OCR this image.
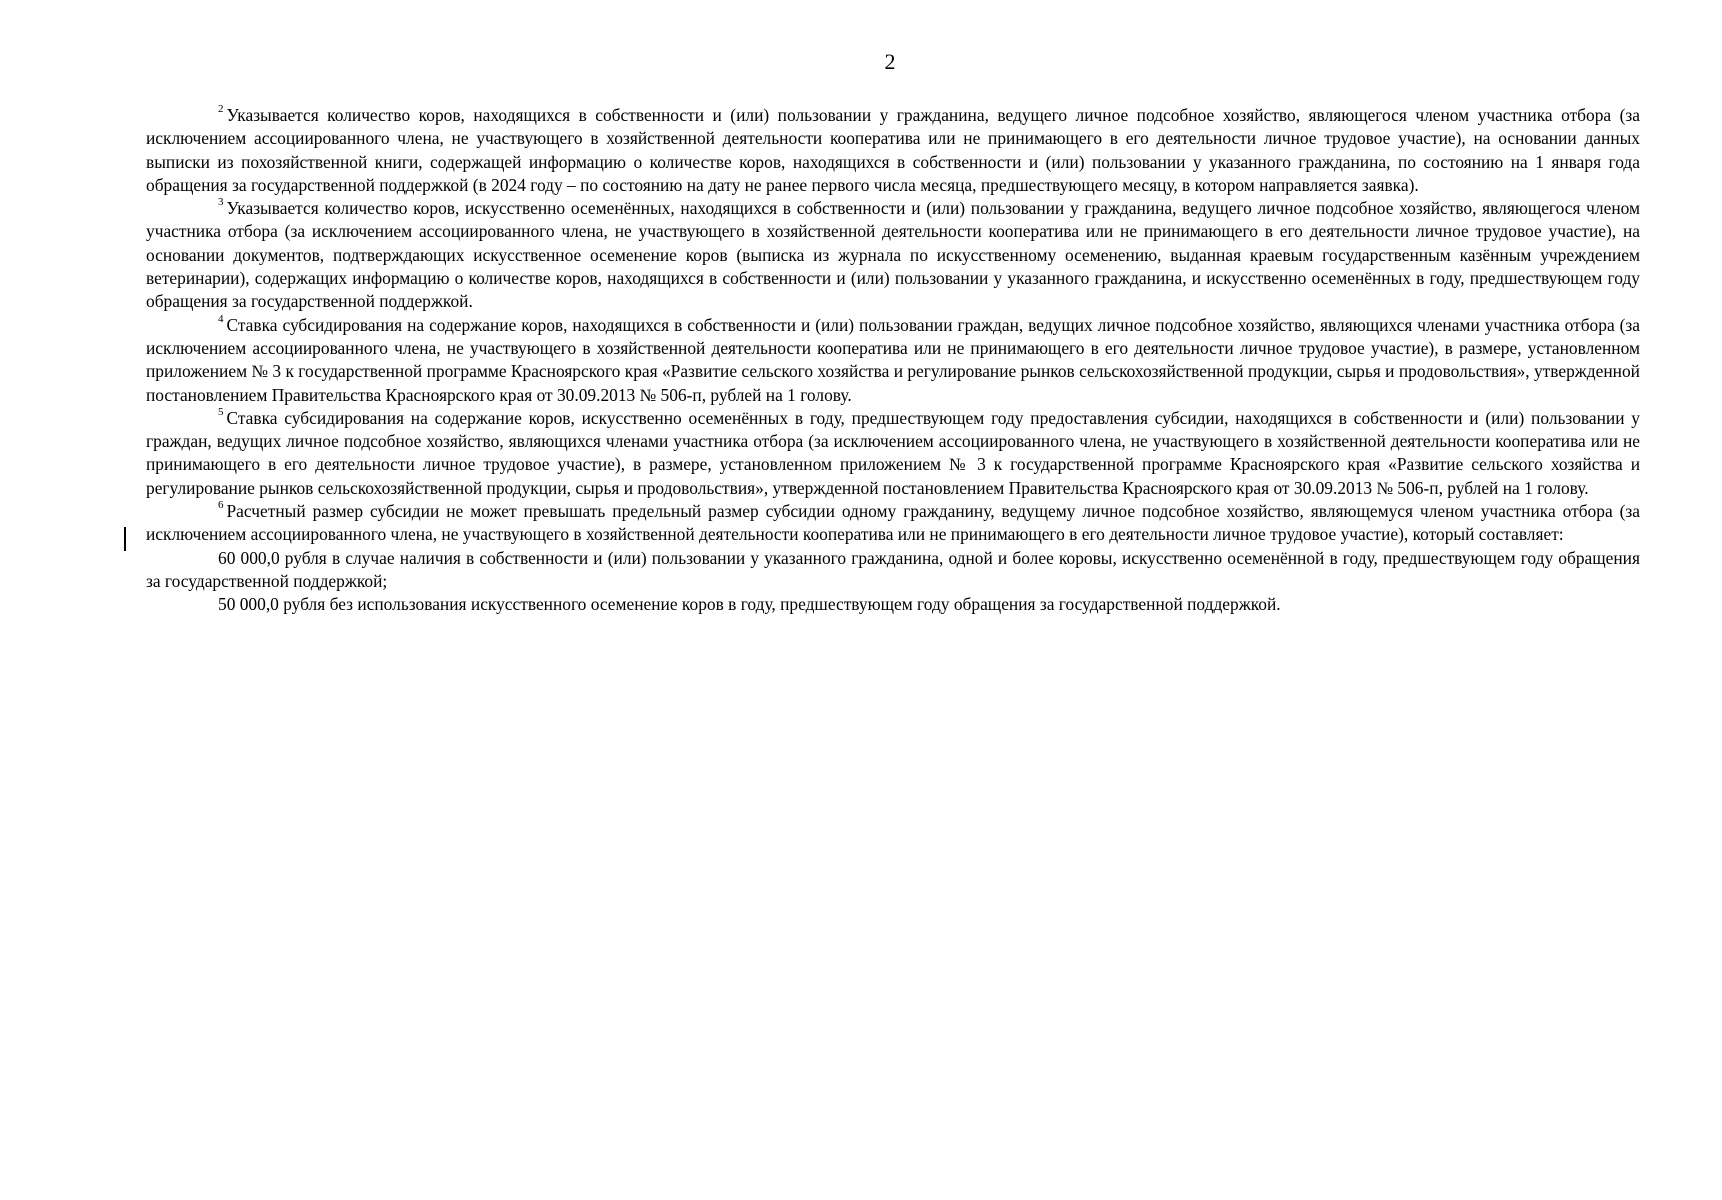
2

$^2$ Указывается количество коров, находящихся в собственности и (или) пользовании у гражданина, ведущего личное подсобное хозяйство, являющегося членом участника отбора (за исключением ассоциированного члена, не участвующего в хозяйственной деятельности кооператива или не принимающего в его деятельности личное трудовое участие), на основании данных выписки из похозяйственной книги, содержащей информацию о количестве коров, находящихся в собственности и (или) пользовании у указанного гражданина, по состоянию на 1 января года обращения за государственной поддержкой (в 2024 году – по состоянию на дату не ранее первого числа месяца, предшествующего месяцу, в котором направляется заявка).

$^3$ Указывается количество коров, искусственно осеменённых, находящихся в собственности и (или) пользовании у гражданина, ведущего личное подсобное хозяйство, являющегося членом участника отбора (за исключением ассоциированного члена, не участвующего в хозяйственной деятельности кооператива или не принимающего в его деятельности личное трудовое участие), на основании документов, подтверждающих искусственное осеменение коров (выписка из журнала по искусственному осеменению, выданная краевым государственным казённым учреждением ветеринарии), содержащих информацию о количестве коров, находящихся в собственности и (или) пользовании у указанного гражданина, и искусственно осеменённых в году, предшествующем году обращения за государственной поддержкой.

$^4$ Ставка субсидирования на содержание коров, находящихся в собственности и (или) пользовании граждан, ведущих личное подсобное хозяйство, являющихся членами участника отбора (за исключением ассоциированного члена, не участвующего в хозяйственной деятельности кооператива или не принимающего в его деятельности личное трудовое участие), в размере, установленном приложением № 3 к государственной программе Красноярского края «Развитие сельского хозяйства и регулирование рынков сельскохозяйственной продукции, сырья и продовольствия», утвержденной постановлением Правительства Красноярского края от 30.09.2013 № 506-п, рублей на 1 голову.

$^5$ Ставка субсидирования на содержание коров, искусственно осеменённых в году, предшествующем году предоставления субсидии, находящихся в собственности и (или) пользовании у граждан, ведущих личное подсобное хозяйство, являющихся членами участника отбора (за исключением ассоциированного члена, не участвующего в хозяйственной деятельности кооператива или не принимающего в его деятельности личное трудовое участие), в размере, установленном приложением № 3 к государственной программе Красноярского края «Развитие сельского хозяйства и регулирование рынков сельскохозяйственной продукции, сырья и продовольствия», утвержденной постановлением Правительства Красноярского края от 30.09.2013 № 506-п, рублей на 1 голову.

$^6$ Расчетный размер субсидии не может превышать предельный размер субсидии одному гражданину, ведущему личное подсобное хозяйство, являющемуся членом участника отбора (за исключением ассоциированного члена, не участвующего в хозяйственной деятельности кооператива или не принимающего в его деятельности личное трудовое участие), который составляет:

60 000,0 рубля в случае наличия в собственности и (или) пользовании у указанного гражданина, одной и более коровы, искусственно осеменённой в году, предшествующем году обращения за государственной поддержкой;

50 000,0 рубля без использования искусственного осеменение коров в году, предшествующем году обращения за государственной поддержкой.
